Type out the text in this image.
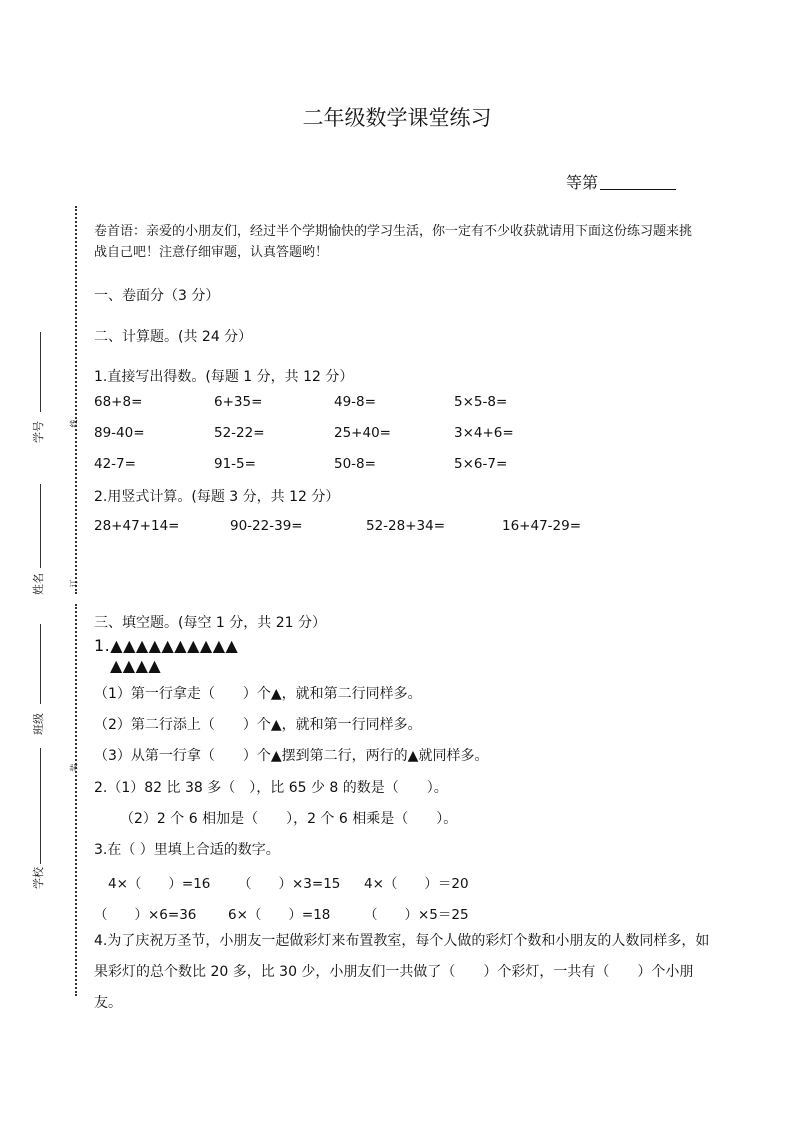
二年级数学课堂练习
等第
卷首语：亲爱的小朋友们，经过半个学期愉快的学习生活，你一定有不少收获就请用下面这份练习题来挑战自己吧！注意仔细审题，认真答题哟！
一、卷面分（3 分）
二、计算题。(共 24 分）
1.直接写出得数。(每题 1 分，共 12 分）
68+8=	6+35=	49-8=	5×5-8=
89-40=	52-22=	25+40=	3×4+6=
42-7=	91-5=	50-8=	5×6-7=
2.用竖式计算。(每题 3 分，共 12 分）
28+47+14=	90-22-39=	52-28+34=	16+47-29=
三、填空题。(每空 1 分，共 21 分）
1.▲▲▲▲▲▲▲▲▲▲
▲▲▲▲
（1）第一行拿走（　　）个▲，就和第二行同样多。
（2）第二行添上（　　）个▲，就和第一行同样多。
（3）从第一行拿（　　）个▲摆到第二行，两行的▲就同样多。
2.（1）82 比 38 多（　），比 65 少 8 的数是（　　）。
（2）2 个 6 相加是（　　），2 个 6 相乘是（　　）。
3.在（ ）里填上合适的数字。
4×（　　）=16 （　　）×3=15 4×（　　）＝20
（　　）×6=36 6×（　　）=18 （　　）×5＝25
4.为了庆祝万圣节，小朋友一起做彩灯来布置教室，每个人做的彩灯个数和小朋友的人数同样多，如果彩灯的总个数比 20 多，比 30 少，小朋友们一共做了（　　）个彩灯，一共有（　　）个小朋友。
学号
姓名
班级
学校
线
订
装
